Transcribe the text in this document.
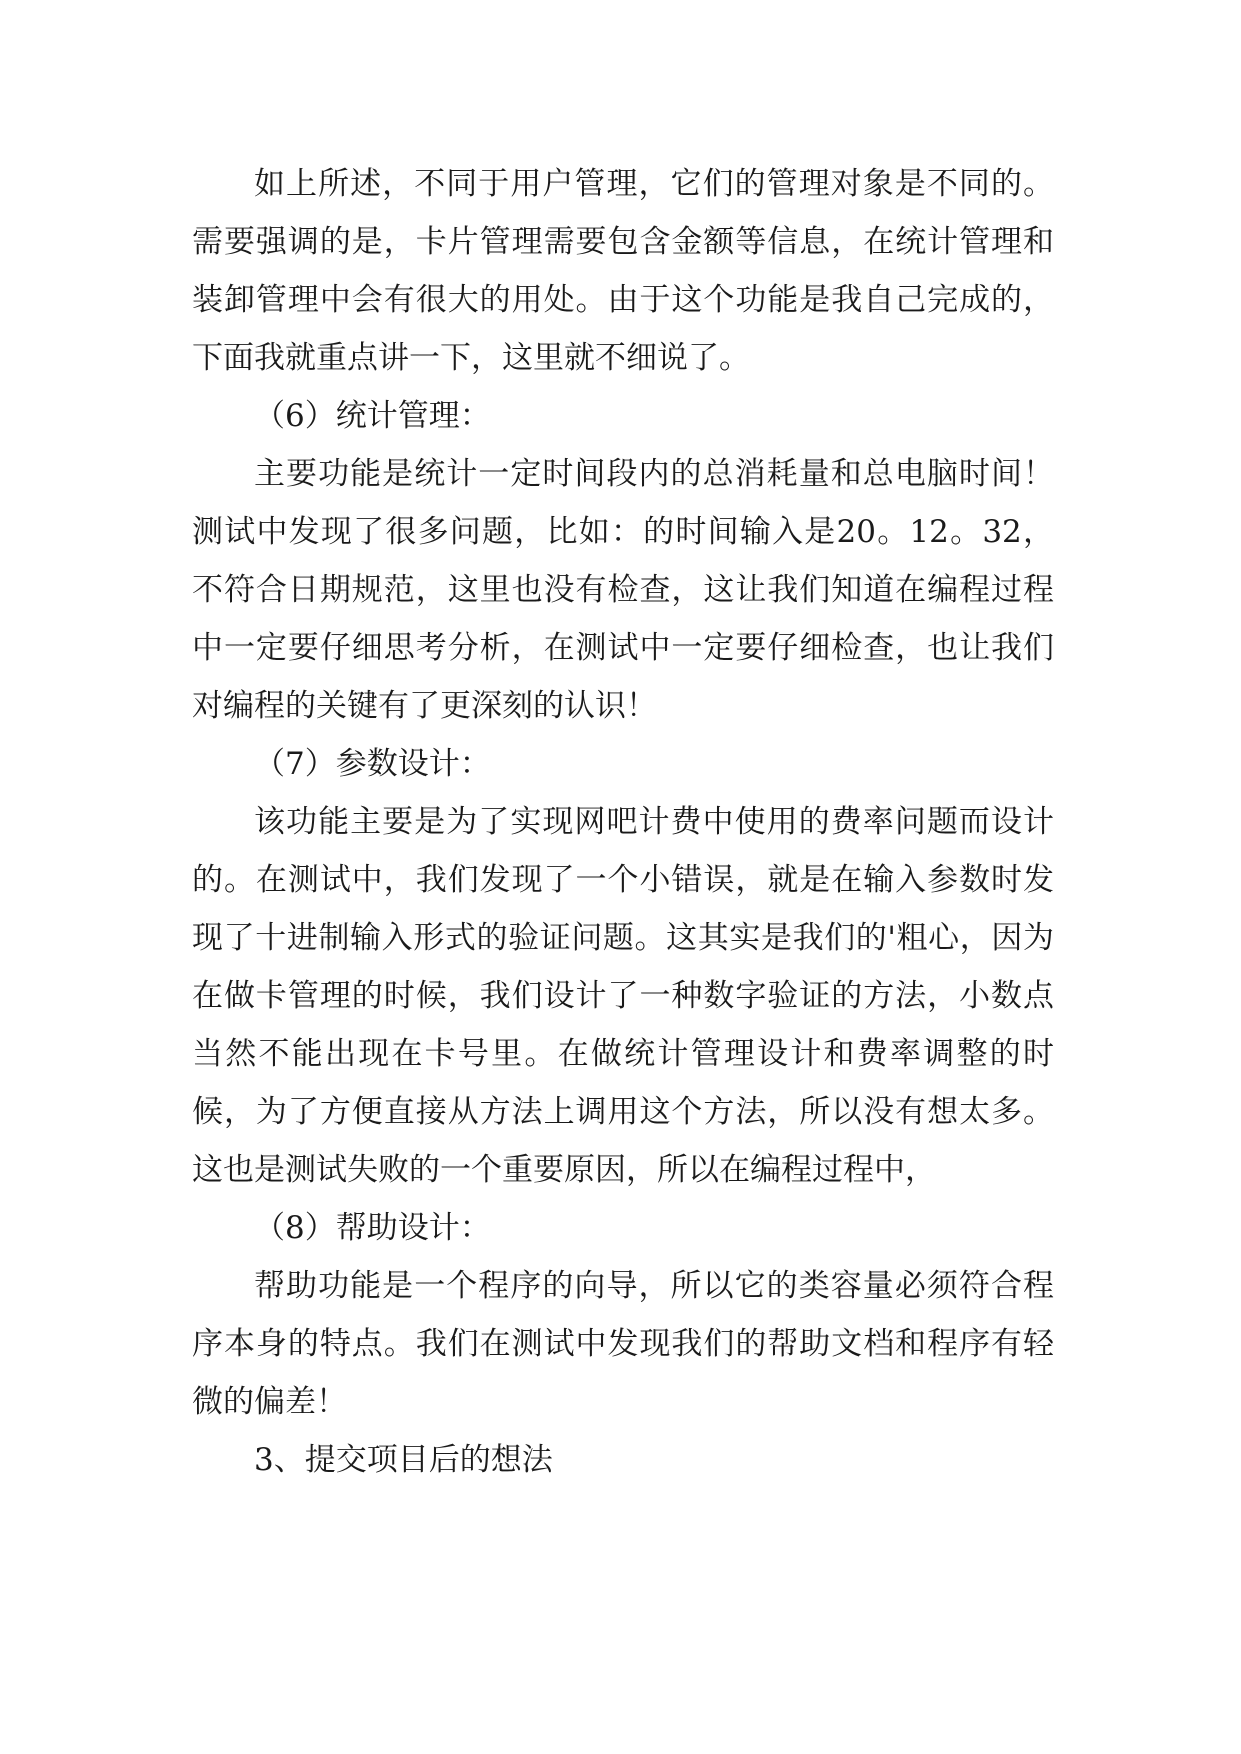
如上所述，不同于用户管理，它们的管理对象是不同的。需要强调的是，卡片管理需要包含金额等信息，在统计管理和装卸管理中会有很大的用处。由于这个功能是我自己完成的，下面我就重点讲一下，这里就不细说了。

（6）统计管理：

主要功能是统计一定时间段内的总消耗量和总电脑时间！测试中发现了很多问题，比如：的时间输入是20。12。32，不符合日期规范，这里也没有检查，这让我们知道在编程过程中一定要仔细思考分析，在测试中一定要仔细检查，也让我们对编程的关键有了更深刻的认识！

（7）参数设计：

该功能主要是为了实现网吧计费中使用的费率问题而设计的。在测试中，我们发现了一个小错误，就是在输入参数时发现了十进制输入形式的验证问题。这其实是我们的'粗心，因为在做卡管理的时候，我们设计了一种数字验证的方法，小数点当然不能出现在卡号里。在做统计管理设计和费率调整的时候，为了方便直接从方法上调用这个方法，所以没有想太多。这也是测试失败的一个重要原因，所以在编程过程中，

（8）帮助设计：

帮助功能是一个程序的向导，所以它的类容量必须符合程序本身的特点。我们在测试中发现我们的帮助文档和程序有轻微的偏差！

3、提交项目后的想法
